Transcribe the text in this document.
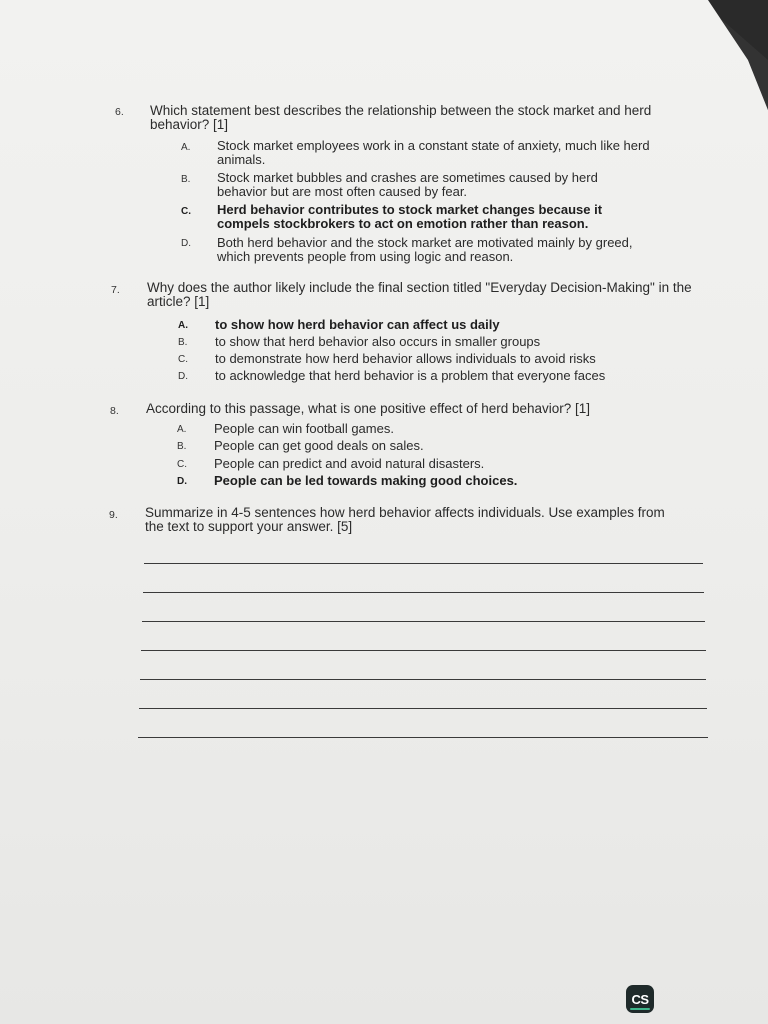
6. Which statement best describes the relationship between the stock market and herd behavior? [1]
A. Stock market employees work in a constant state of anxiety, much like herd animals.
B. Stock market bubbles and crashes are sometimes caused by herd behavior but are most often caused by fear.
C. Herd behavior contributes to stock market changes because it compels stockbrokers to act on emotion rather than reason.
D. Both herd behavior and the stock market are motivated mainly by greed, which prevents people from using logic and reason.
7. Why does the author likely include the final section titled "Everyday Decision-Making" in the article? [1]
A. to show how herd behavior can affect us daily
B. to show that herd behavior also occurs in smaller groups
C. to demonstrate how herd behavior allows individuals to avoid risks
D. to acknowledge that herd behavior is a problem that everyone faces
8. According to this passage, what is one positive effect of herd behavior? [1]
A. People can win football games.
B. People can get good deals on sales.
C. People can predict and avoid natural disasters.
D. People can be led towards making good choices.
9. Summarize in 4-5 sentences how herd behavior affects individuals. Use examples from the text to support your answer. [5]
CS
